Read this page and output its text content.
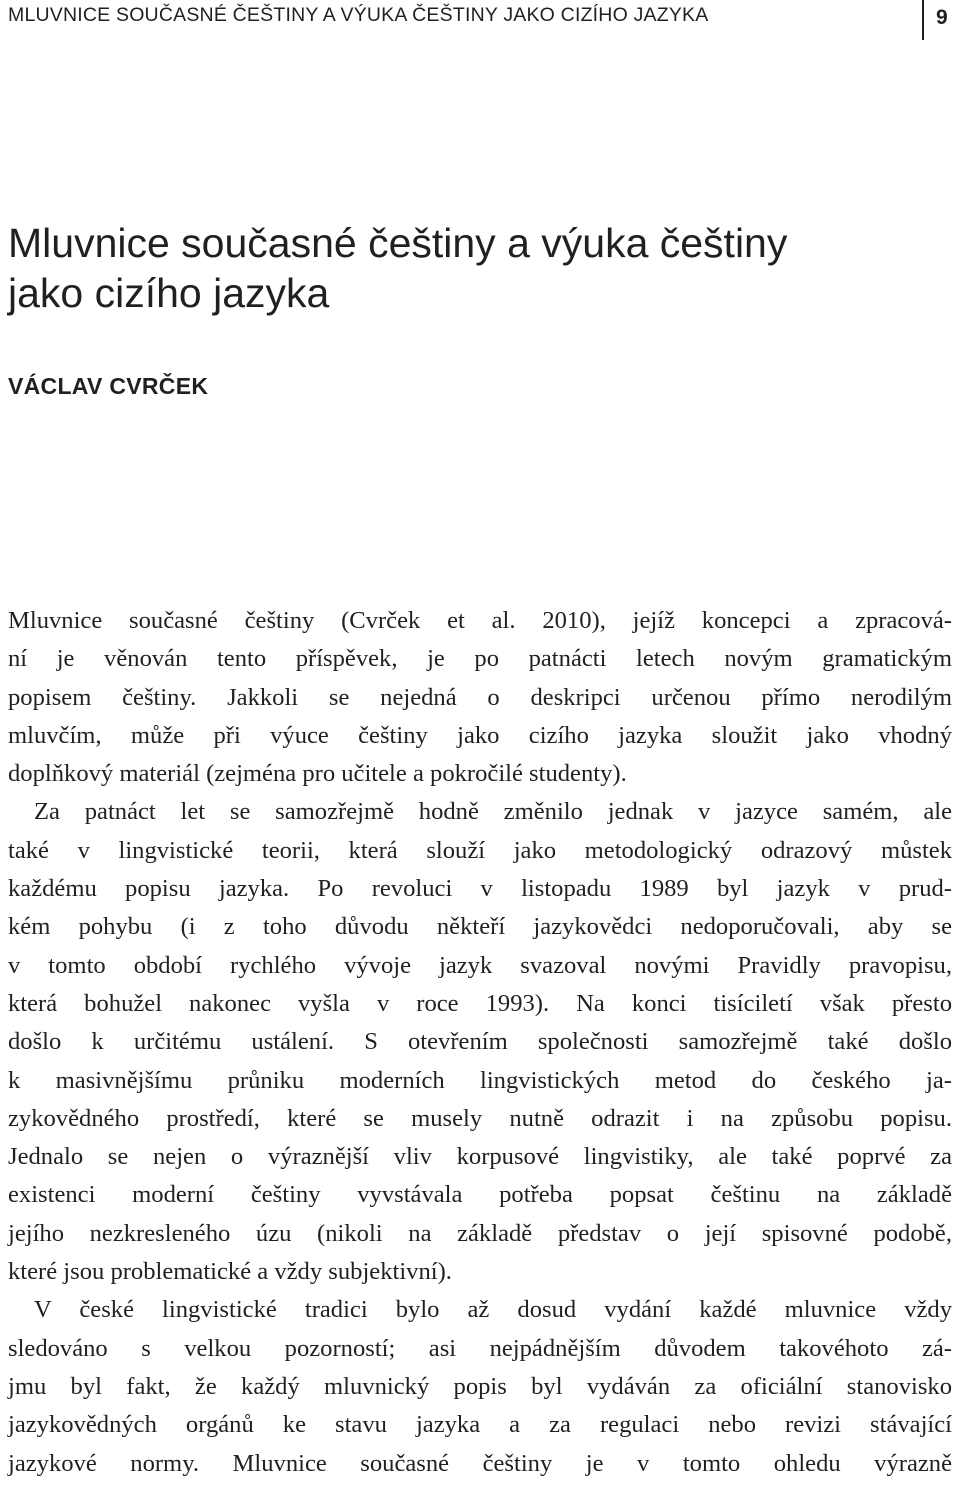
MLUVNICE SOUČASNÉ ČEŠTINY A VÝUKA ČEŠTINY JAKO CIZÍHO JAZYKA	9
Mluvnice současné češtiny a výuka češtiny
jako cizího jazyka
VÁCLAV CVRČEK
Mluvnice současné češtiny (Cvrček et al. 2010), jejíž koncepci a zpracová-
ní je věnován tento příspěvek, je po patnácti letech novým gramatickým
popisem češtiny. Jakkoli se nejedná o deskripci určenou přímo nerodilým
mluvčím, může při výuce češtiny jako cizího jazyka sloužit jako vhodný
doplňkový materiál (zejména pro učitele a pokročilé studenty).
Za patnáct let se samozřejmě hodně změnilo jednak v jazyce samém, ale
také v lingvistické teorii, která slouží jako metodologický odrazový můstek
každému popisu jazyka. Po revoluci v listopadu 1989 byl jazyk v prud-
kém pohybu (i z toho důvodu někteří jazykovědci nedoporučovali, aby se
v tomto období rychlého vývoje jazyk svazoval novými Pravidly pravopisu,
která bohužel nakonec vyšla v roce 1993). Na konci tisíciletí však přesto
došlo k určitému ustálení. S otevřením společnosti samozřejmě také došlo
k masivnějšímu průniku moderních lingvistických metod do českého ja-
zykovědného prostředí, které se musely nutně odrazit i na způsobu popisu.
Jednalo se nejen o výraznější vliv korpusové lingvistiky, ale také poprvé za
existenci moderní češtiny vyvstávala potřeba popsat češtinu na základě
jejího nezkresleného úzu (nikoli na základě představ o její spisovné podobě,
které jsou problematické a vždy subjektivní).
V české lingvistické tradici bylo až dosud vydání každé mluvnice vždy
sledováno s velkou pozorností; asi nejpádnějším důvodem takovéhoto zá-
jmu byl fakt, že každý mluvnický popis byl vydáván za oficiální stanovisko
jazykovědných orgánů ke stavu jazyka a za regulaci nebo revizi stávající
jazykové normy. Mluvnice současné češtiny je v tomto ohledu výrazně
